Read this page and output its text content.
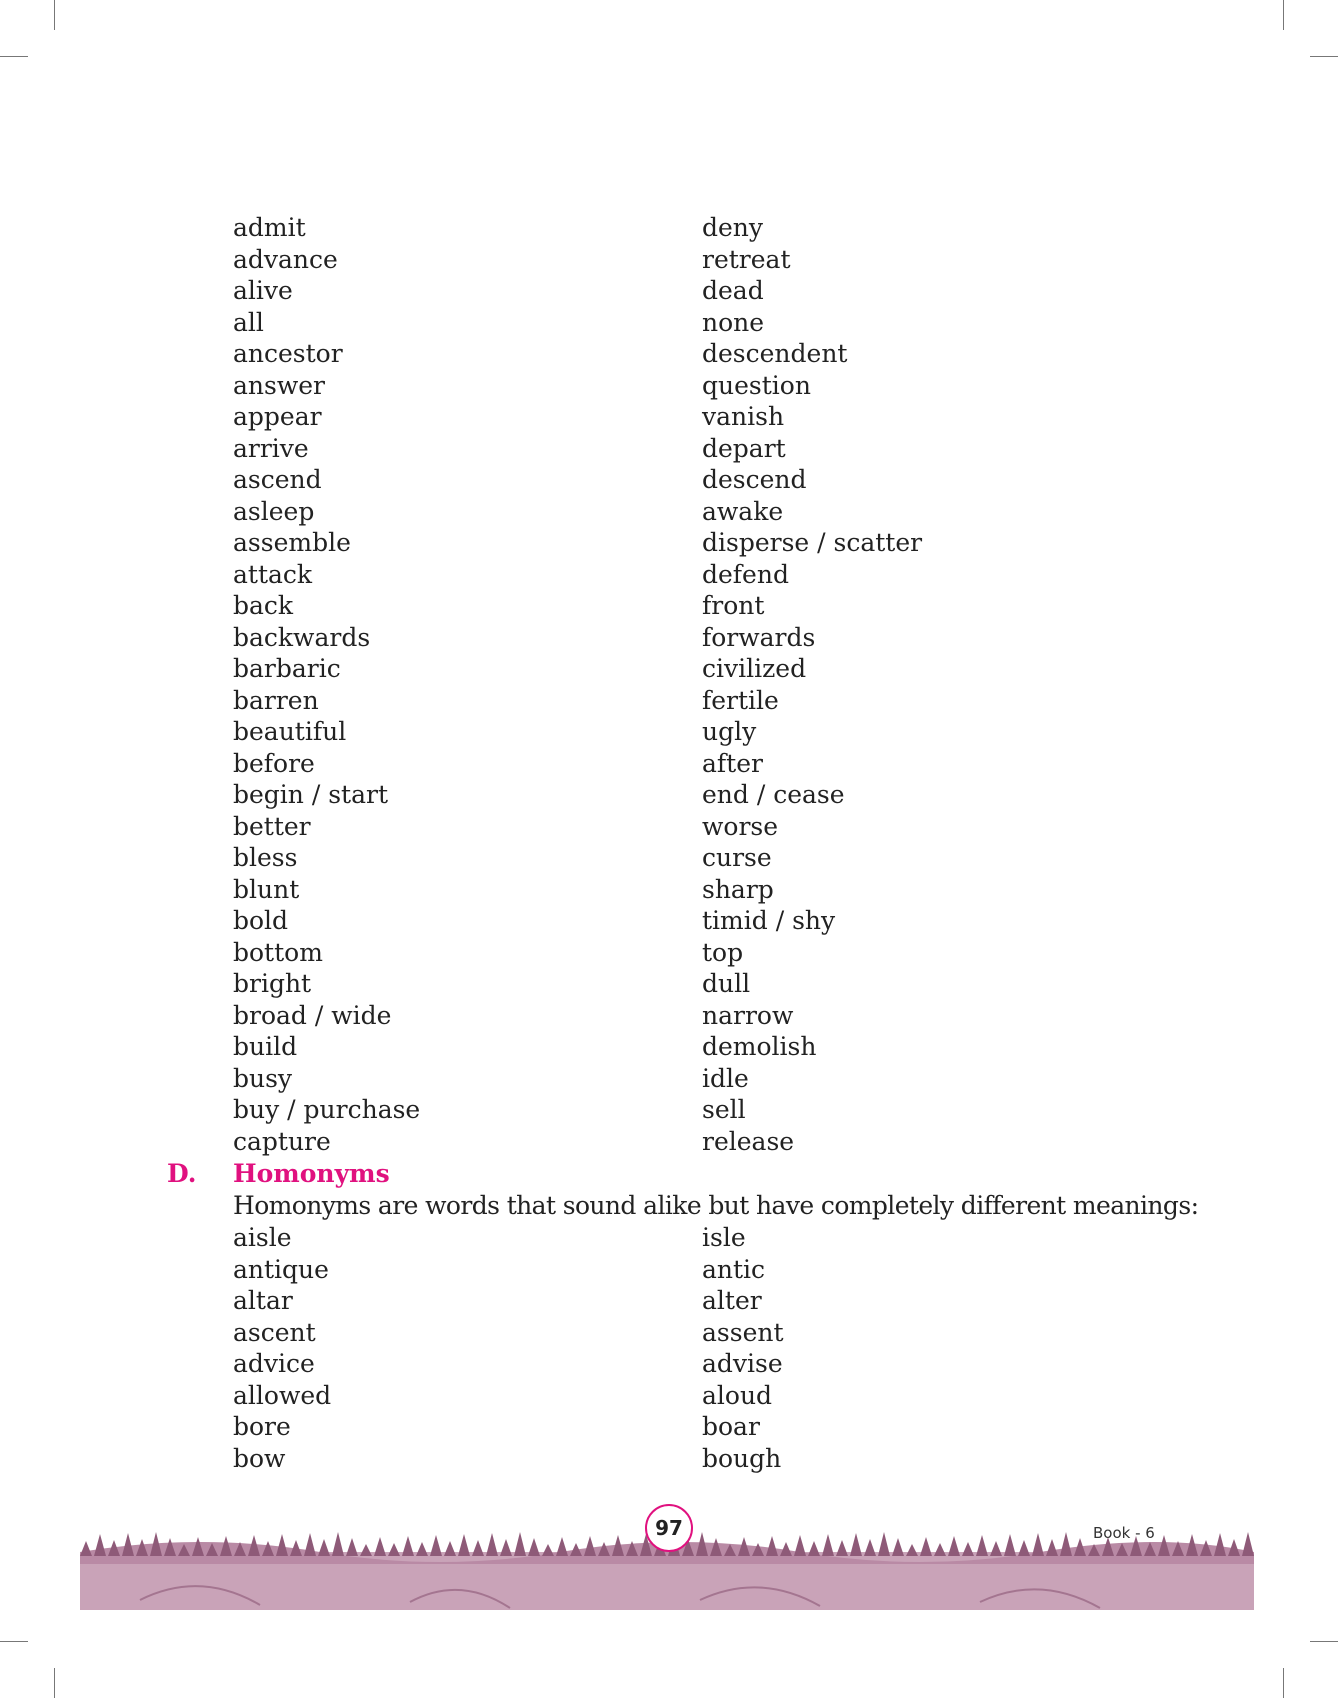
admit	deny
advance	retreat
alive	dead
all	none
ancestor	descendent
answer	question
appear	vanish
arrive	depart
ascend	descend
asleep	awake
assemble	disperse / scatter
attack	defend
back	front
backwards	forwards
barbaric	civilized
barren	fertile
beautiful	ugly
before	after
begin / start	end / cease
better	worse
bless	curse
blunt	sharp
bold	timid / shy
bottom	top
bright	dull
broad / wide	narrow
build	demolish
busy	idle
buy / purchase	sell
capture	release
D. Homonyms
Homonyms are words that sound alike but have completely different meanings:
aisle	isle
antique	antic
altar	alter
ascent	assent
advice	advise
allowed	aloud
bore	boar
bow	bough
97	Book - 6
